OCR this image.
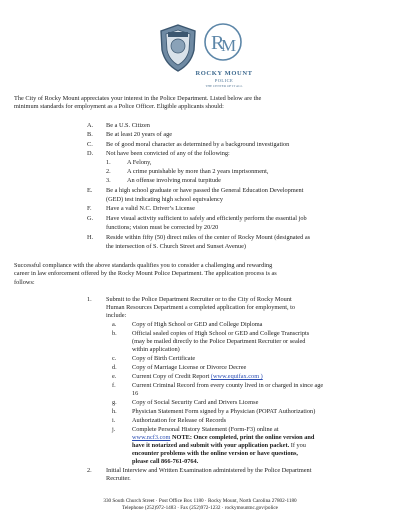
R
M
ROCKY MOUNT
POLICE
THE CENTER OF IT ALL
The City of Rocky Mount appreciates your interest in the Police Department. Listed below are the
minimum standards for employment as a Police Officer. Eligible applicants should:
A. Be a U.S. Citizen
B. Be at least 20 years of age
C. Be of good moral character as determined by a background investigation
D. Not have been convicted of any of the following:
1.	A Felony,
2.	A crime punishable by more than 2 years imprisonment,
3.	An offense involving moral turpitude
E. Be a high school graduate or have passed the General Education Development
(GED) test indicating high school equivalency
F. Have a valid N.C. Driver’s License
G. Have visual activity sufficient to safely and efficiently perform the essential job
functions; vision must be corrected by 20/20
H. Reside within fifty (50) direct miles of the center of Rocky Mount (designated as
the intersection of S. Church Street and Sunset Avenue)
Successful compliance with the above standards qualifies you to consider a challenging and rewarding
career in law enforcement offered by the Rocky Mount Police Department. The application process is as
follows:
1. Submit to the Police Department Recruiter or to the City of Rocky Mount
Human Resources Department a completed application for employment, to
include:
a. Copy of High School or GED and College Diploma
b. Official sealed copies of High School or GED and College Transcripts
(may be mailed directly to the Police Department Recruiter or sealed
within application)
c. Copy of Birth Certificate
d. Copy of Marriage License or Divorce Decree
e. Current Copy of Credit Report (www.equifax.com )
f.	Current Criminal Record from every county lived in or charged in since age
16
g. Copy of Social Security Card and Drivers License
h. Physician Statement Form signed by a Physician (POPAT Authorization)
i.	Authorization for Release of Records
j.	Complete Personal History Statement (Form-F3) online at
www.ncf3.com NOTE: Once completed, print the online version and
have it notarized and submit with your application packet. If you
encounter problems with the online version or have questions,
please call 866-761-0764.
2. Initial Interview and Written Examination administered by the Police Department
Recruiter.
330 South Church Street · Post Office Box 1180 · Rocky Mount, North Carolina 27802-1180
Telephone (252)972-1483 · Fax (252)972-1232 · rockymountnc.gov/police
